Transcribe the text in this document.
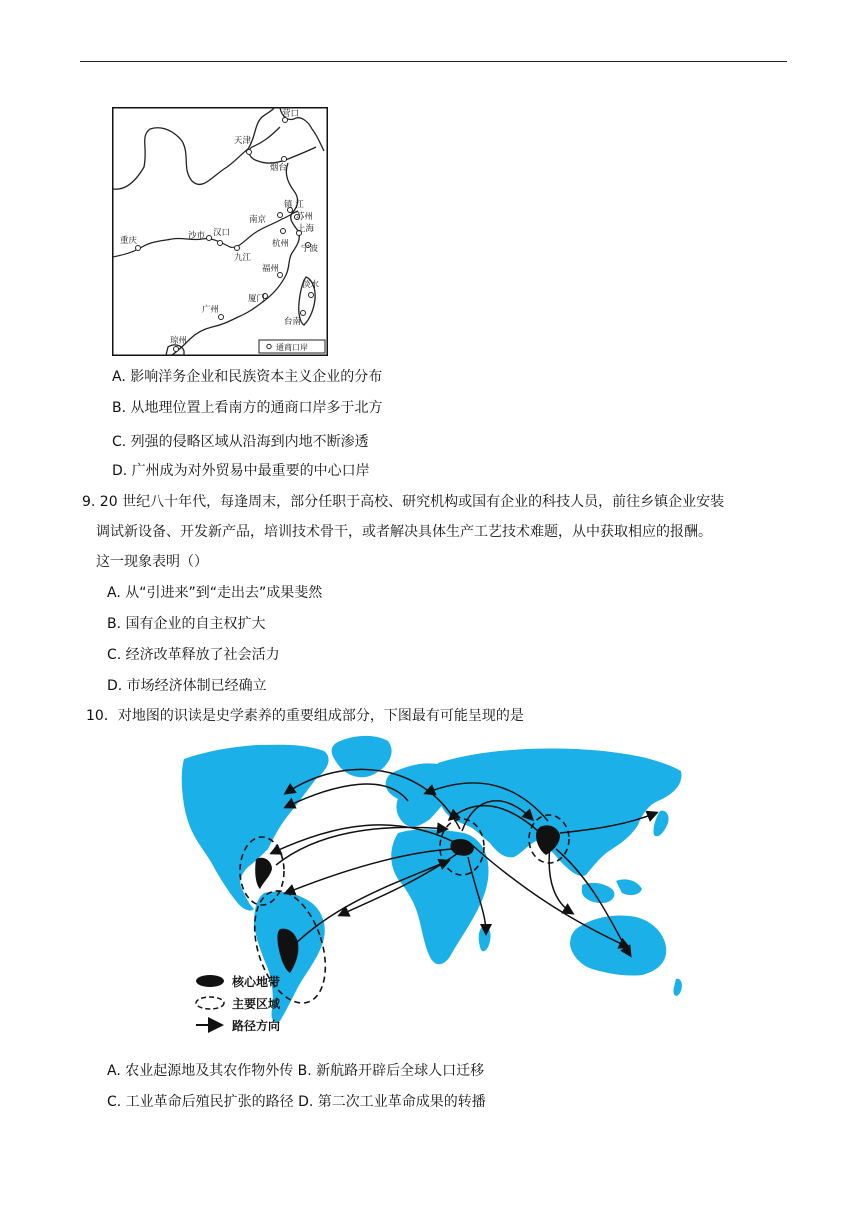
营口
天津
烟台
镇 江
南京	苏州
上海
杭州 宁波
重庆	沙市 汉口
九江
福州
淡水
厦门
广州
台南
琼州
通商口岸
A. 影响洋务企业和民族资本主义企业的分布
B. 从地理位置上看南方的通商口岸多于北方
C. 列强的侵略区域从沿海到内地不断渗透
D. 广州成为对外贸易中最重要的中心口岸
9. 20 世纪八十年代，每逢周末，部分任职于高校、研究机构或国有企业的科技人员，前往乡镇企业安装
调试新设备、开发新产品，培训技术骨干，或者解决具体生产工艺技术难题，从中获取相应的报酬。
这一现象表明（）
A. 从“引进来”到“走出去”成果斐然
B. 国有企业的自主权扩大
C. 经济改革释放了社会活力
D. 市场经济体制已经确立
10．对地图的识读是史学素养的重要组成部分，下图最有可能呈现的是
核心地带
主要区域
路径方向
A. 农业起源地及其农作物外传 B. 新航路开辟后全球人口迁移
C. 工业革命后殖民扩张的路径 D. 第二次工业革命成果的转播
